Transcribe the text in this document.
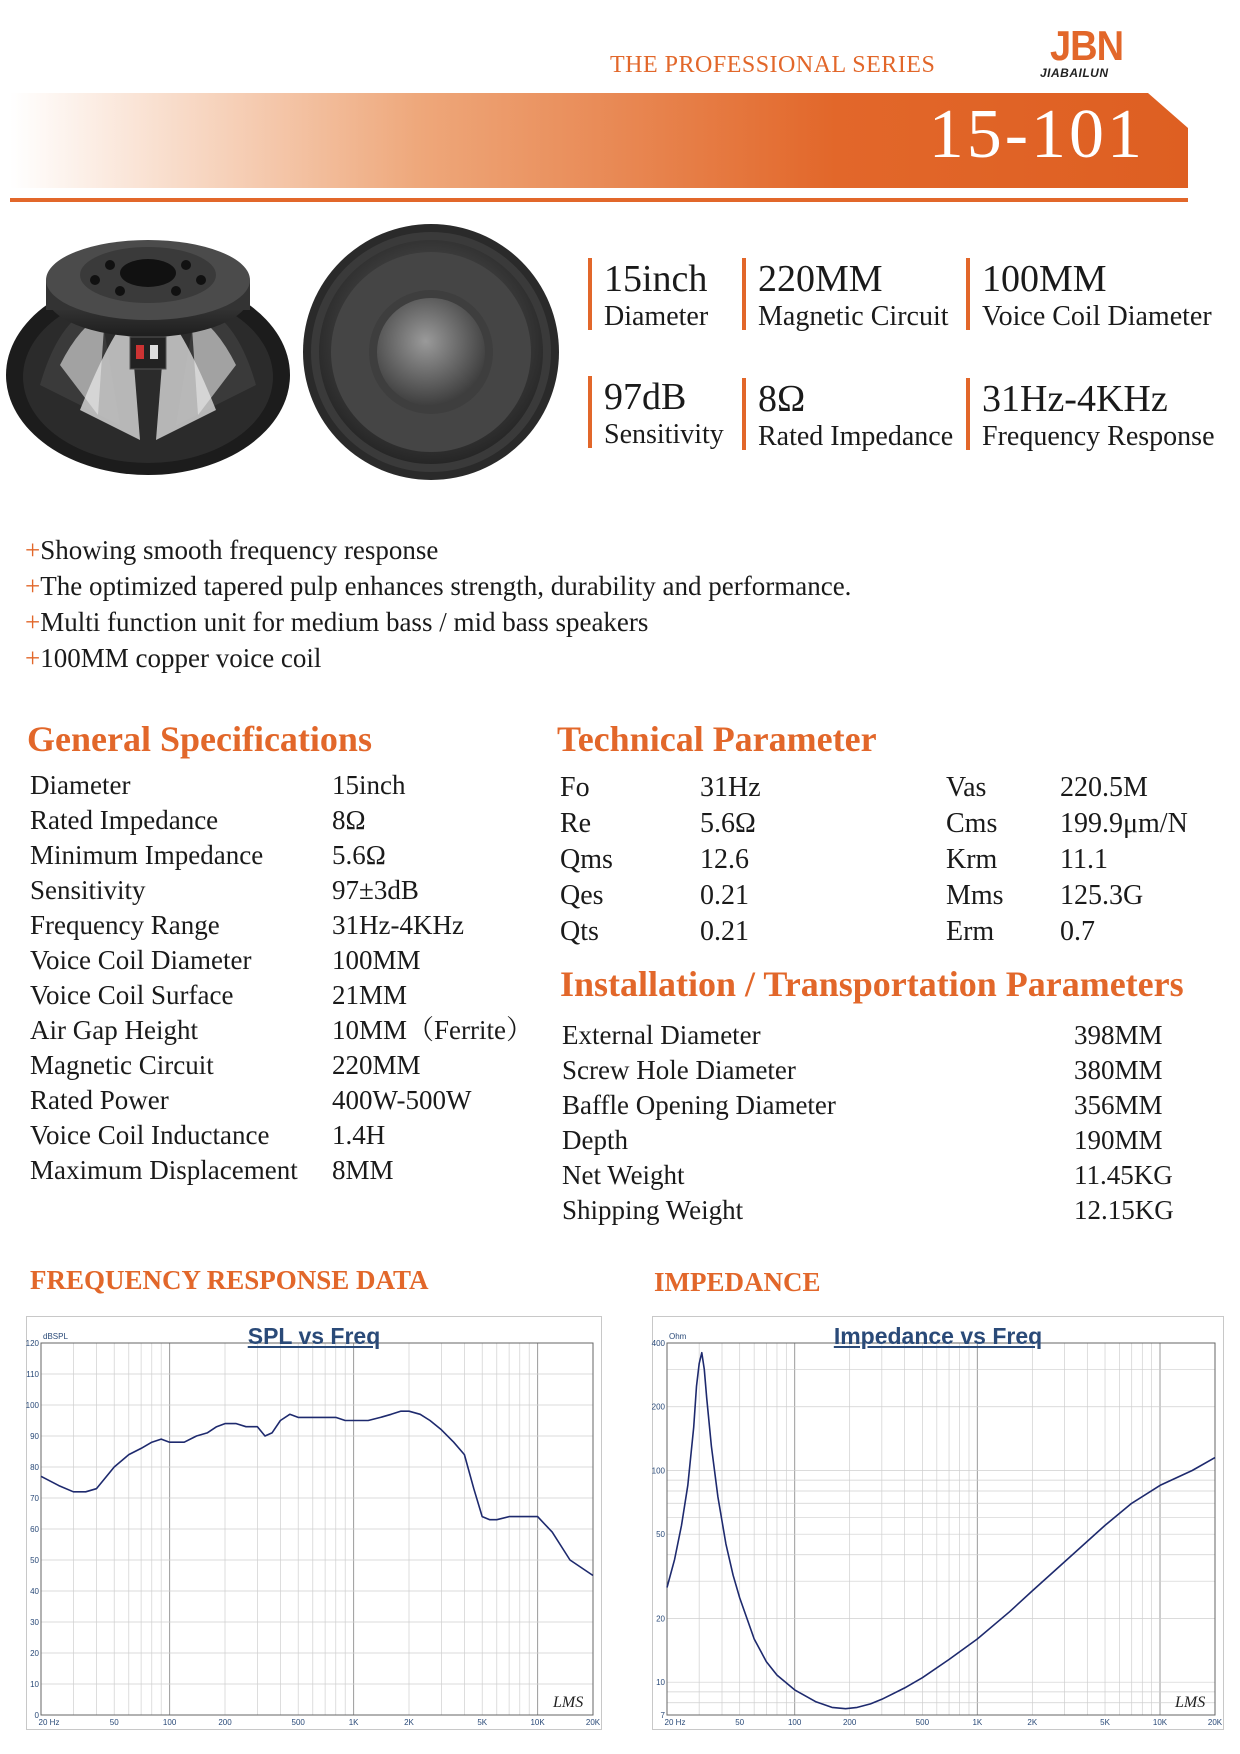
THE PROFESSIONAL SERIES	JBN
JIABAILUN
15-101
15inch
Diameter
220MM
Magnetic Circuit
100MM
Voice Coil Diameter
97dB
Sensitivity
8Ω
Rated Impedance
31Hz-4KHz
Frequency Response
+Showing smooth frequency response
+The optimized tapered pulp enhances strength, durability and performance.
+Multi function unit for medium bass / mid bass speakers
+100MM copper voice coil
General Specifications
Diameter	15inch
Rated Impedance	8Ω
Minimum Impedance	5.6Ω
Sensitivity	97±3dB
Frequency Range	31Hz-4KHz
Voice Coil Diameter	100MM
Voice Coil Surface	21MM
Air Gap Height	10MM（Ferrite）
Magnetic Circuit	220MM
Rated Power	400W-500W
Voice Coil Inductance	1.4H
Maximum Displacement	8MM
Technical Parameter
Fo	31Hz	Vas	220.5M
Re	5.6Ω	Cms	199.9μm/N
Qms	12.6	Krm	11.1
Qes	0.21	Mms	125.3G
Qts	0.21	Erm	0.7
Installation / Transportation Parameters
External Diameter	398MM
Screw Hole Diameter	380MM
Baffle Opening Diameter	356MM
Depth	190MM
Net Weight	11.45KG
Shipping Weight	12.15KG
FREQUENCY RESPONSE DATA	IMPEDANCE
0
10
20
30
40
50
60
70
80
90
100
110
120
dBSPL
20 Hz	50	100	200	500	1K	2K	5K	10K	20K
LMS
SPL vs Freq
7
10
20
50
100
200
400
Ohm
20 Hz	50	100	200	500	1K	2K	5K	10K	20K
LMS
Impedance vs Freq
